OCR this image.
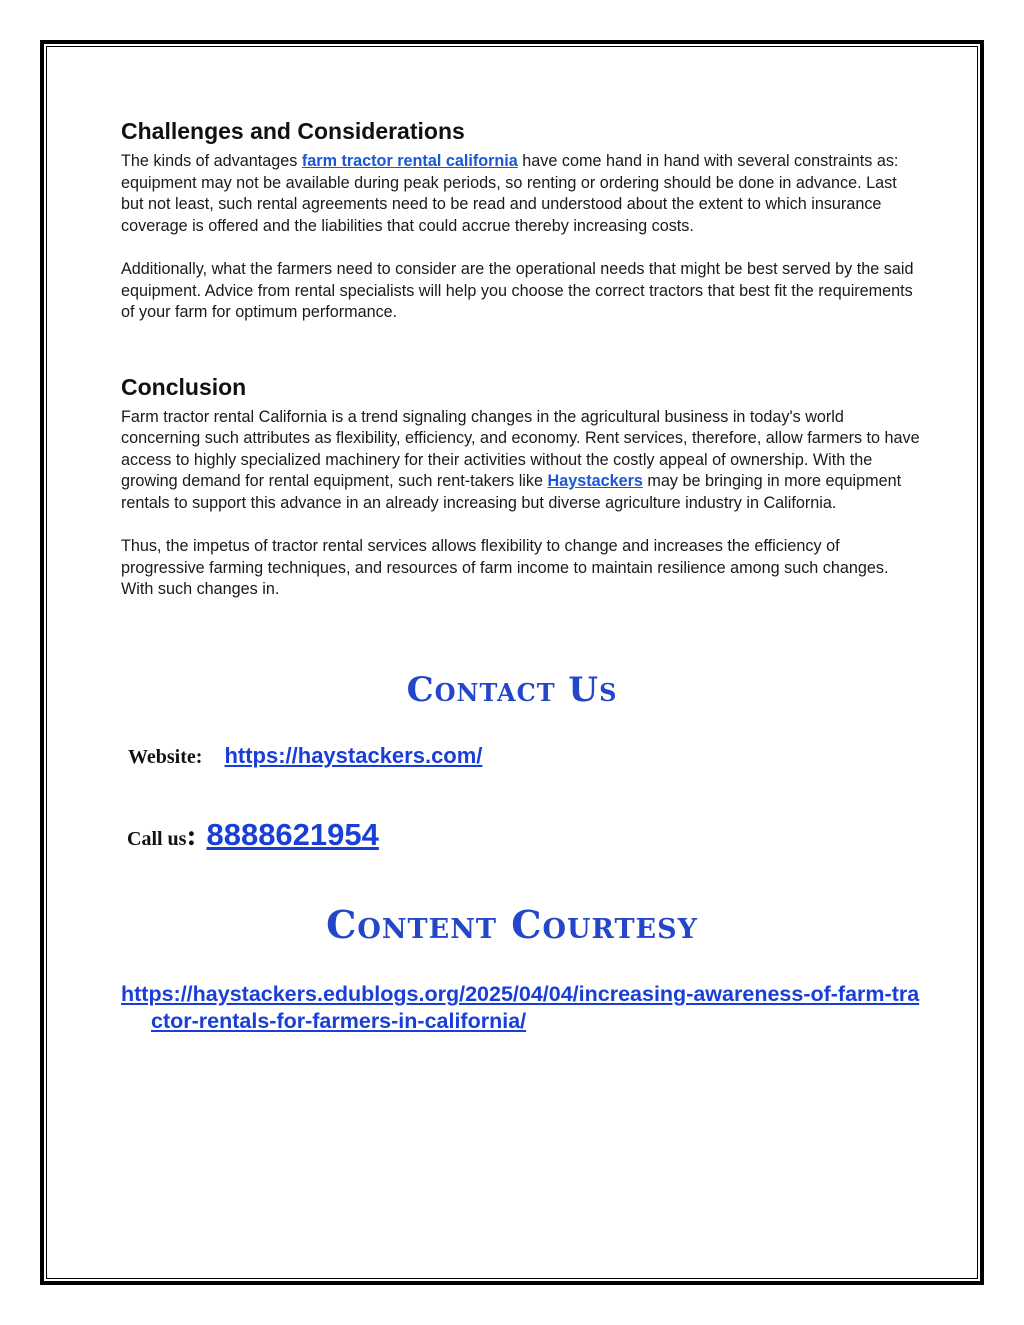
Challenges and Considerations

The kinds of advantages farm tractor rental california have come hand in hand with several constraints as: equipment may not be available during peak periods, so renting or ordering should be done in advance. Last but not least, such rental agreements need to be read and understood about the extent to which insurance coverage is offered and the liabilities that could accrue thereby increasing costs.

Additionally, what the farmers need to consider are the operational needs that might be best served by the said equipment. Advice from rental specialists will help you choose the correct tractors that best fit the requirements of your farm for optimum performance.

Conclusion

Farm tractor rental California is a trend signaling changes in the agricultural business in today's world concerning such attributes as flexibility, efficiency, and economy. Rent services, therefore, allow farmers to have access to highly specialized machinery for their activities without the costly appeal of ownership. With the growing demand for rental equipment, such rent-takers like Haystackers may be bringing in more equipment rentals to support this advance in an already increasing but diverse agriculture industry in California.

Thus, the impetus of tractor rental services allows flexibility to change and increases the efficiency of progressive farming techniques, and resources of farm income to maintain resilience among such changes. With such changes in.

Contact Us
Website: https://haystackers.com/
Call us : 8888621954
Content Courtesy
https://haystackers.edublogs.org/2025/04/04/increasing-awareness-of-farm-tractor-rentals-for-farmers-in-california/
